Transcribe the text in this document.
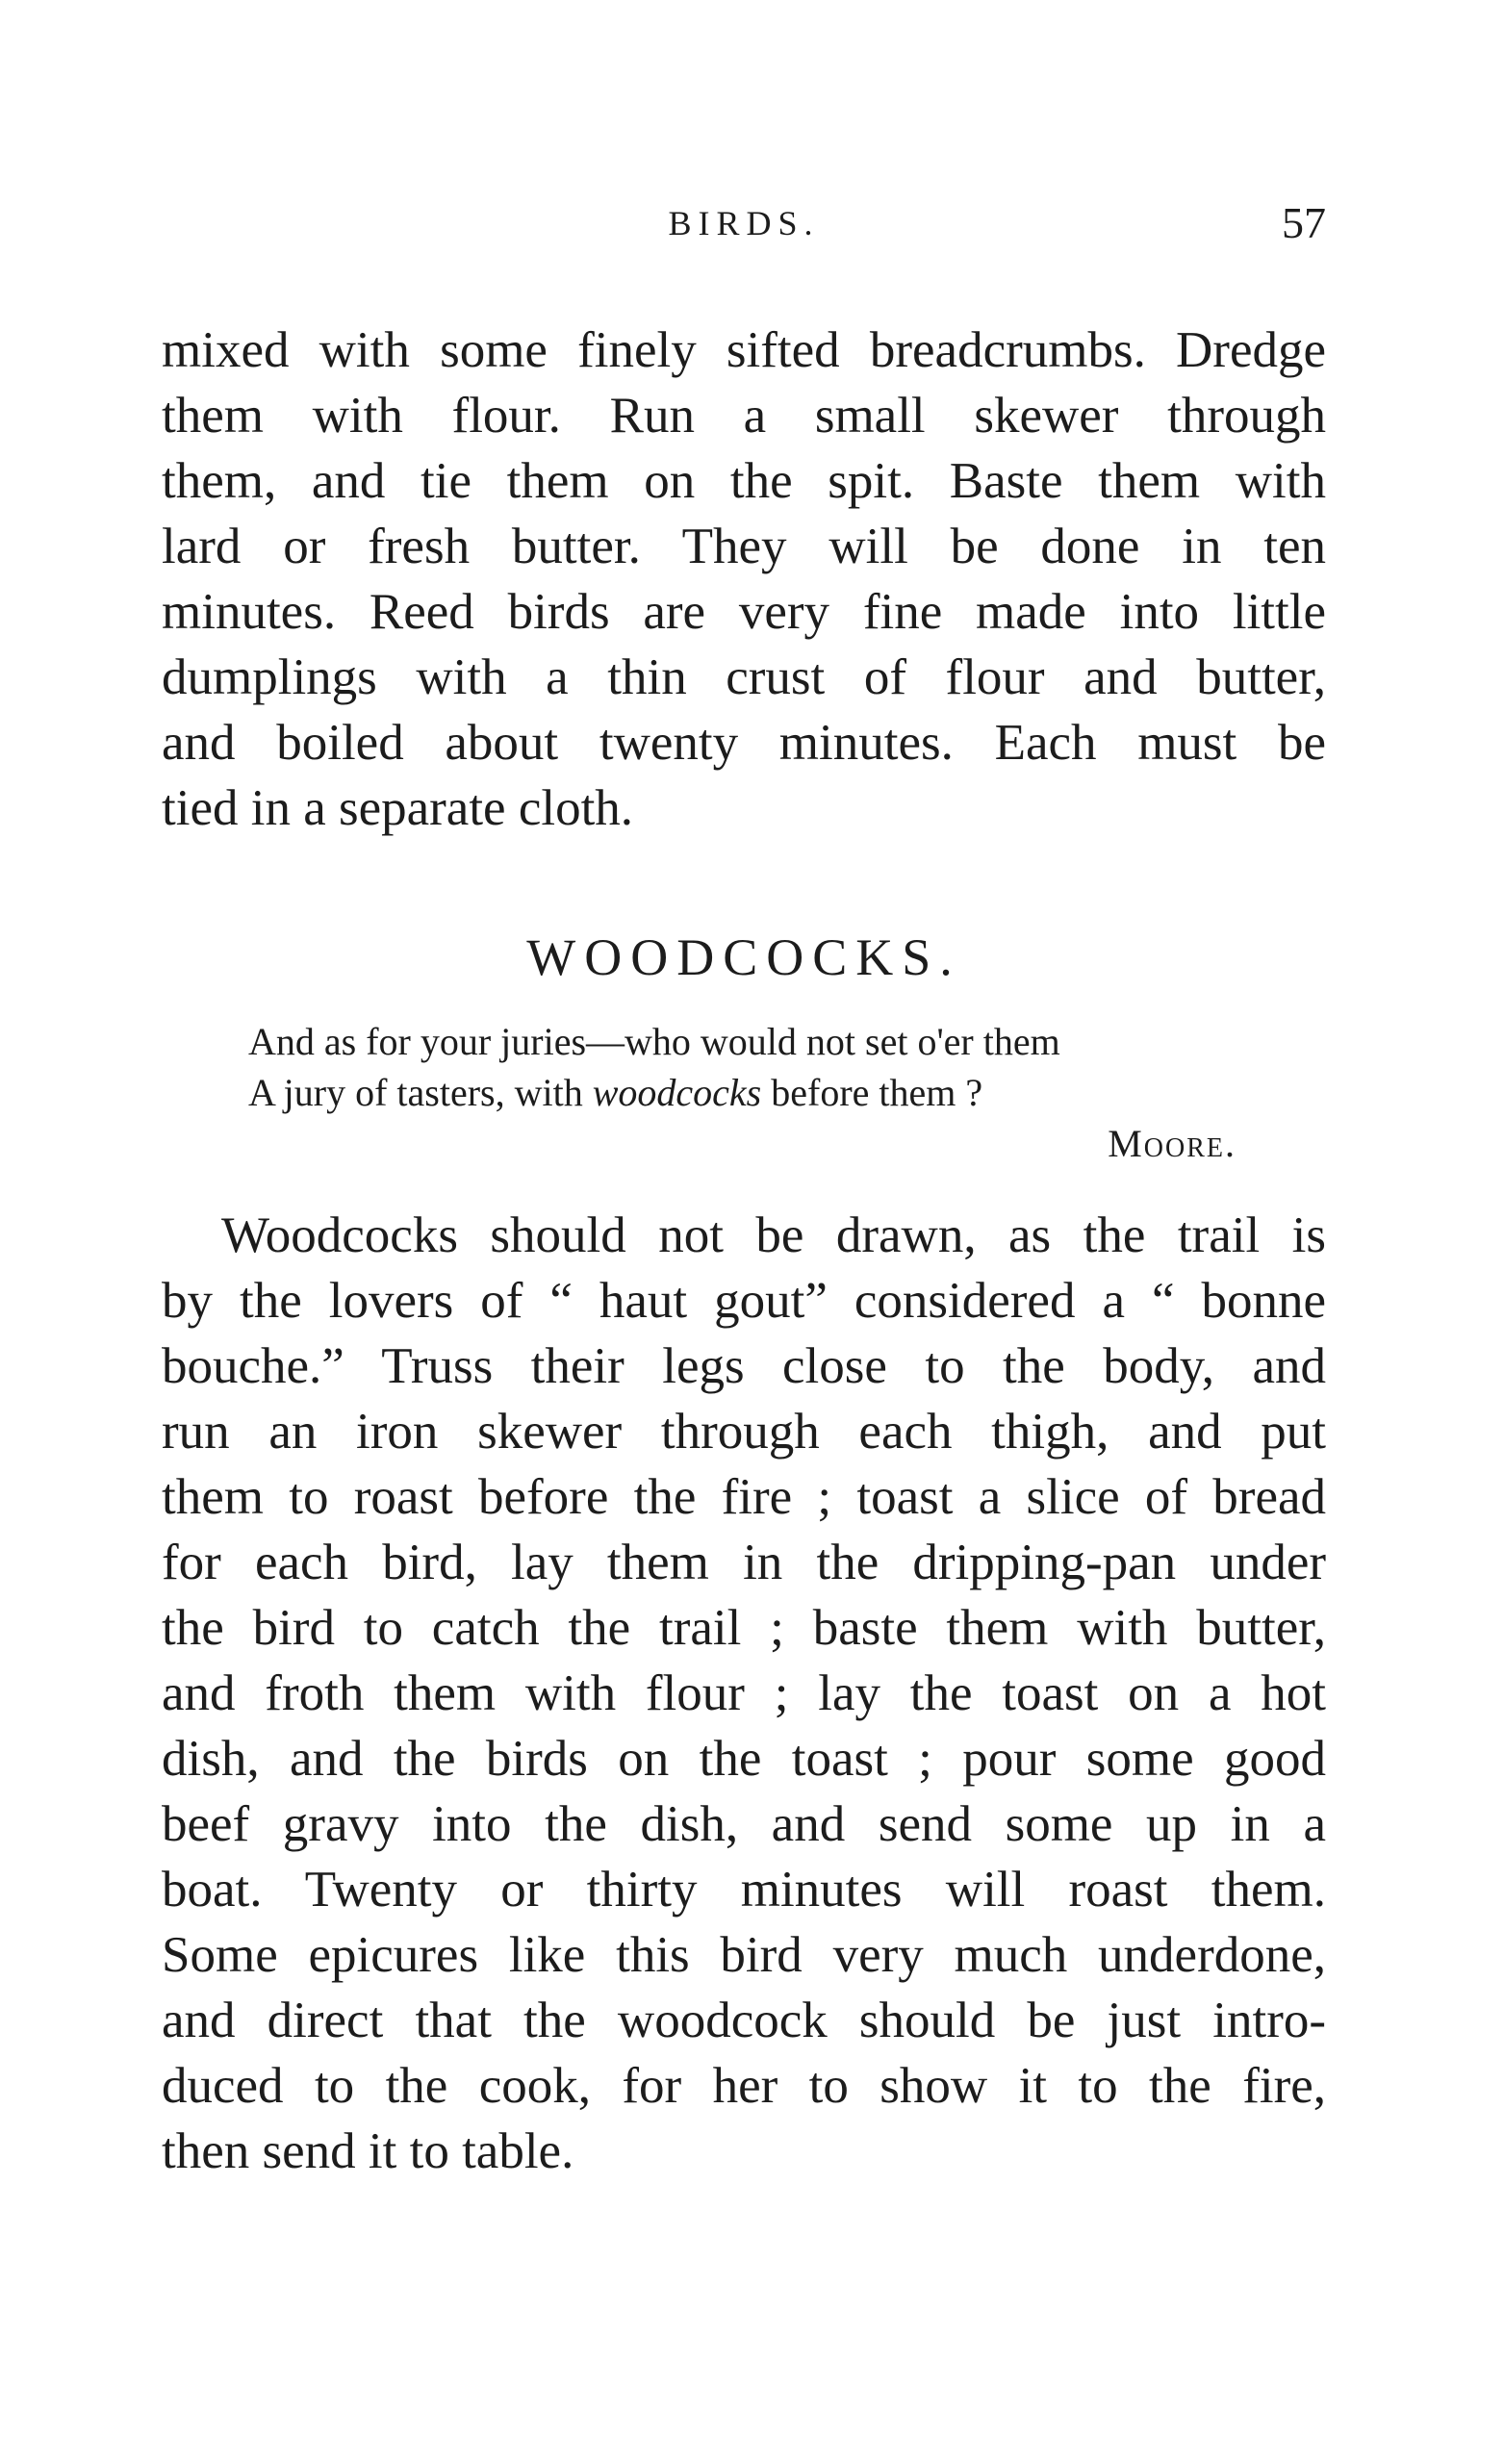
BIRDS.	57

mixed with some finely sifted breadcrumbs. Dredge

them with flour. Run a small skewer through

them, and tie them on the spit. Baste them with

lard or fresh butter. They will be done in ten

minutes. Reed birds are very fine made into little

dumplings with a thin crust of flour and butter,

and boiled about twenty minutes. Each must be

tied in a separate cloth.

WOODCOCKS.

And as for your juries—who would not set o'er them

A jury of tasters, with woodcocks before them ?

Moore.

Woodcocks should not be drawn, as the trail is

by the lovers of “ haut gout” considered a “ bonne

bouche.” Truss their legs close to the body, and

run an iron skewer through each thigh, and put

them to roast before the fire ; toast a slice of bread

for each bird, lay them in the dripping-pan under

the bird to catch the trail ; baste them with butter,

and froth them with flour ; lay the toast on a hot

dish, and the birds on the toast ; pour some good

beef gravy into the dish, and send some up in a

boat. Twenty or thirty minutes will roast them.

Some epicures like this bird very much underdone,

and direct that the woodcock should be just intro-

duced to the cook, for her to show it to the fire,

then send it to table.
